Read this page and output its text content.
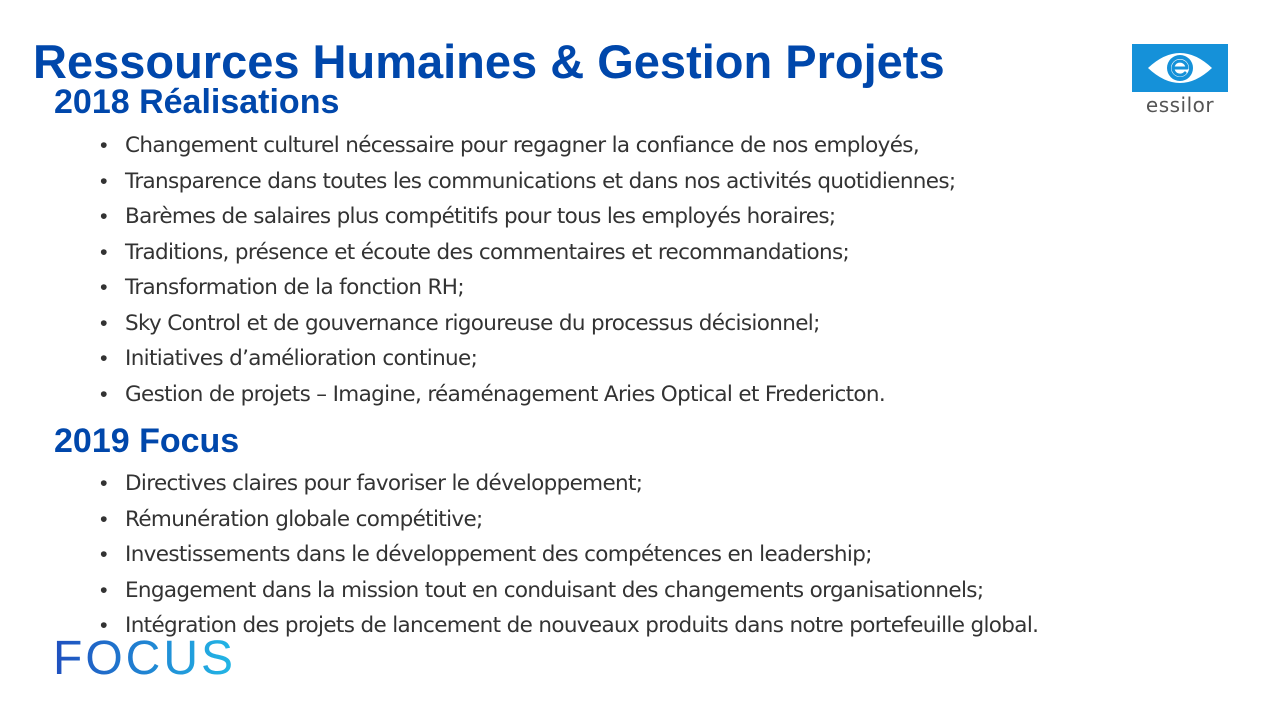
Ressources Humaines & Gestion Projets
essilor
2018 Réalisations
• Changement culturel nécessaire pour regagner la confiance de nos employés,
• Transparence dans toutes les communications et dans nos activités quotidiennes;
• Barèmes de salaires plus compétitifs pour tous les employés horaires;
• Traditions, présence et écoute des commentaires et recommandations;
• Transformation de la fonction RH;
• Sky Control et de gouvernance rigoureuse du processus décisionnel;
• Initiatives d’amélioration continue;
• Gestion de projets – Imagine, réaménagement Aries Optical et Fredericton.
2019 Focus
• Directives claires pour favoriser le développement;
• Rémunération globale compétitive;
• Investissements dans le développement des compétences en leadership;
• Engagement dans la mission tout en conduisant des changements organisationnels;
• Intégration des projets de lancement de nouveaux produits dans notre portefeuille global.
FOCUS
